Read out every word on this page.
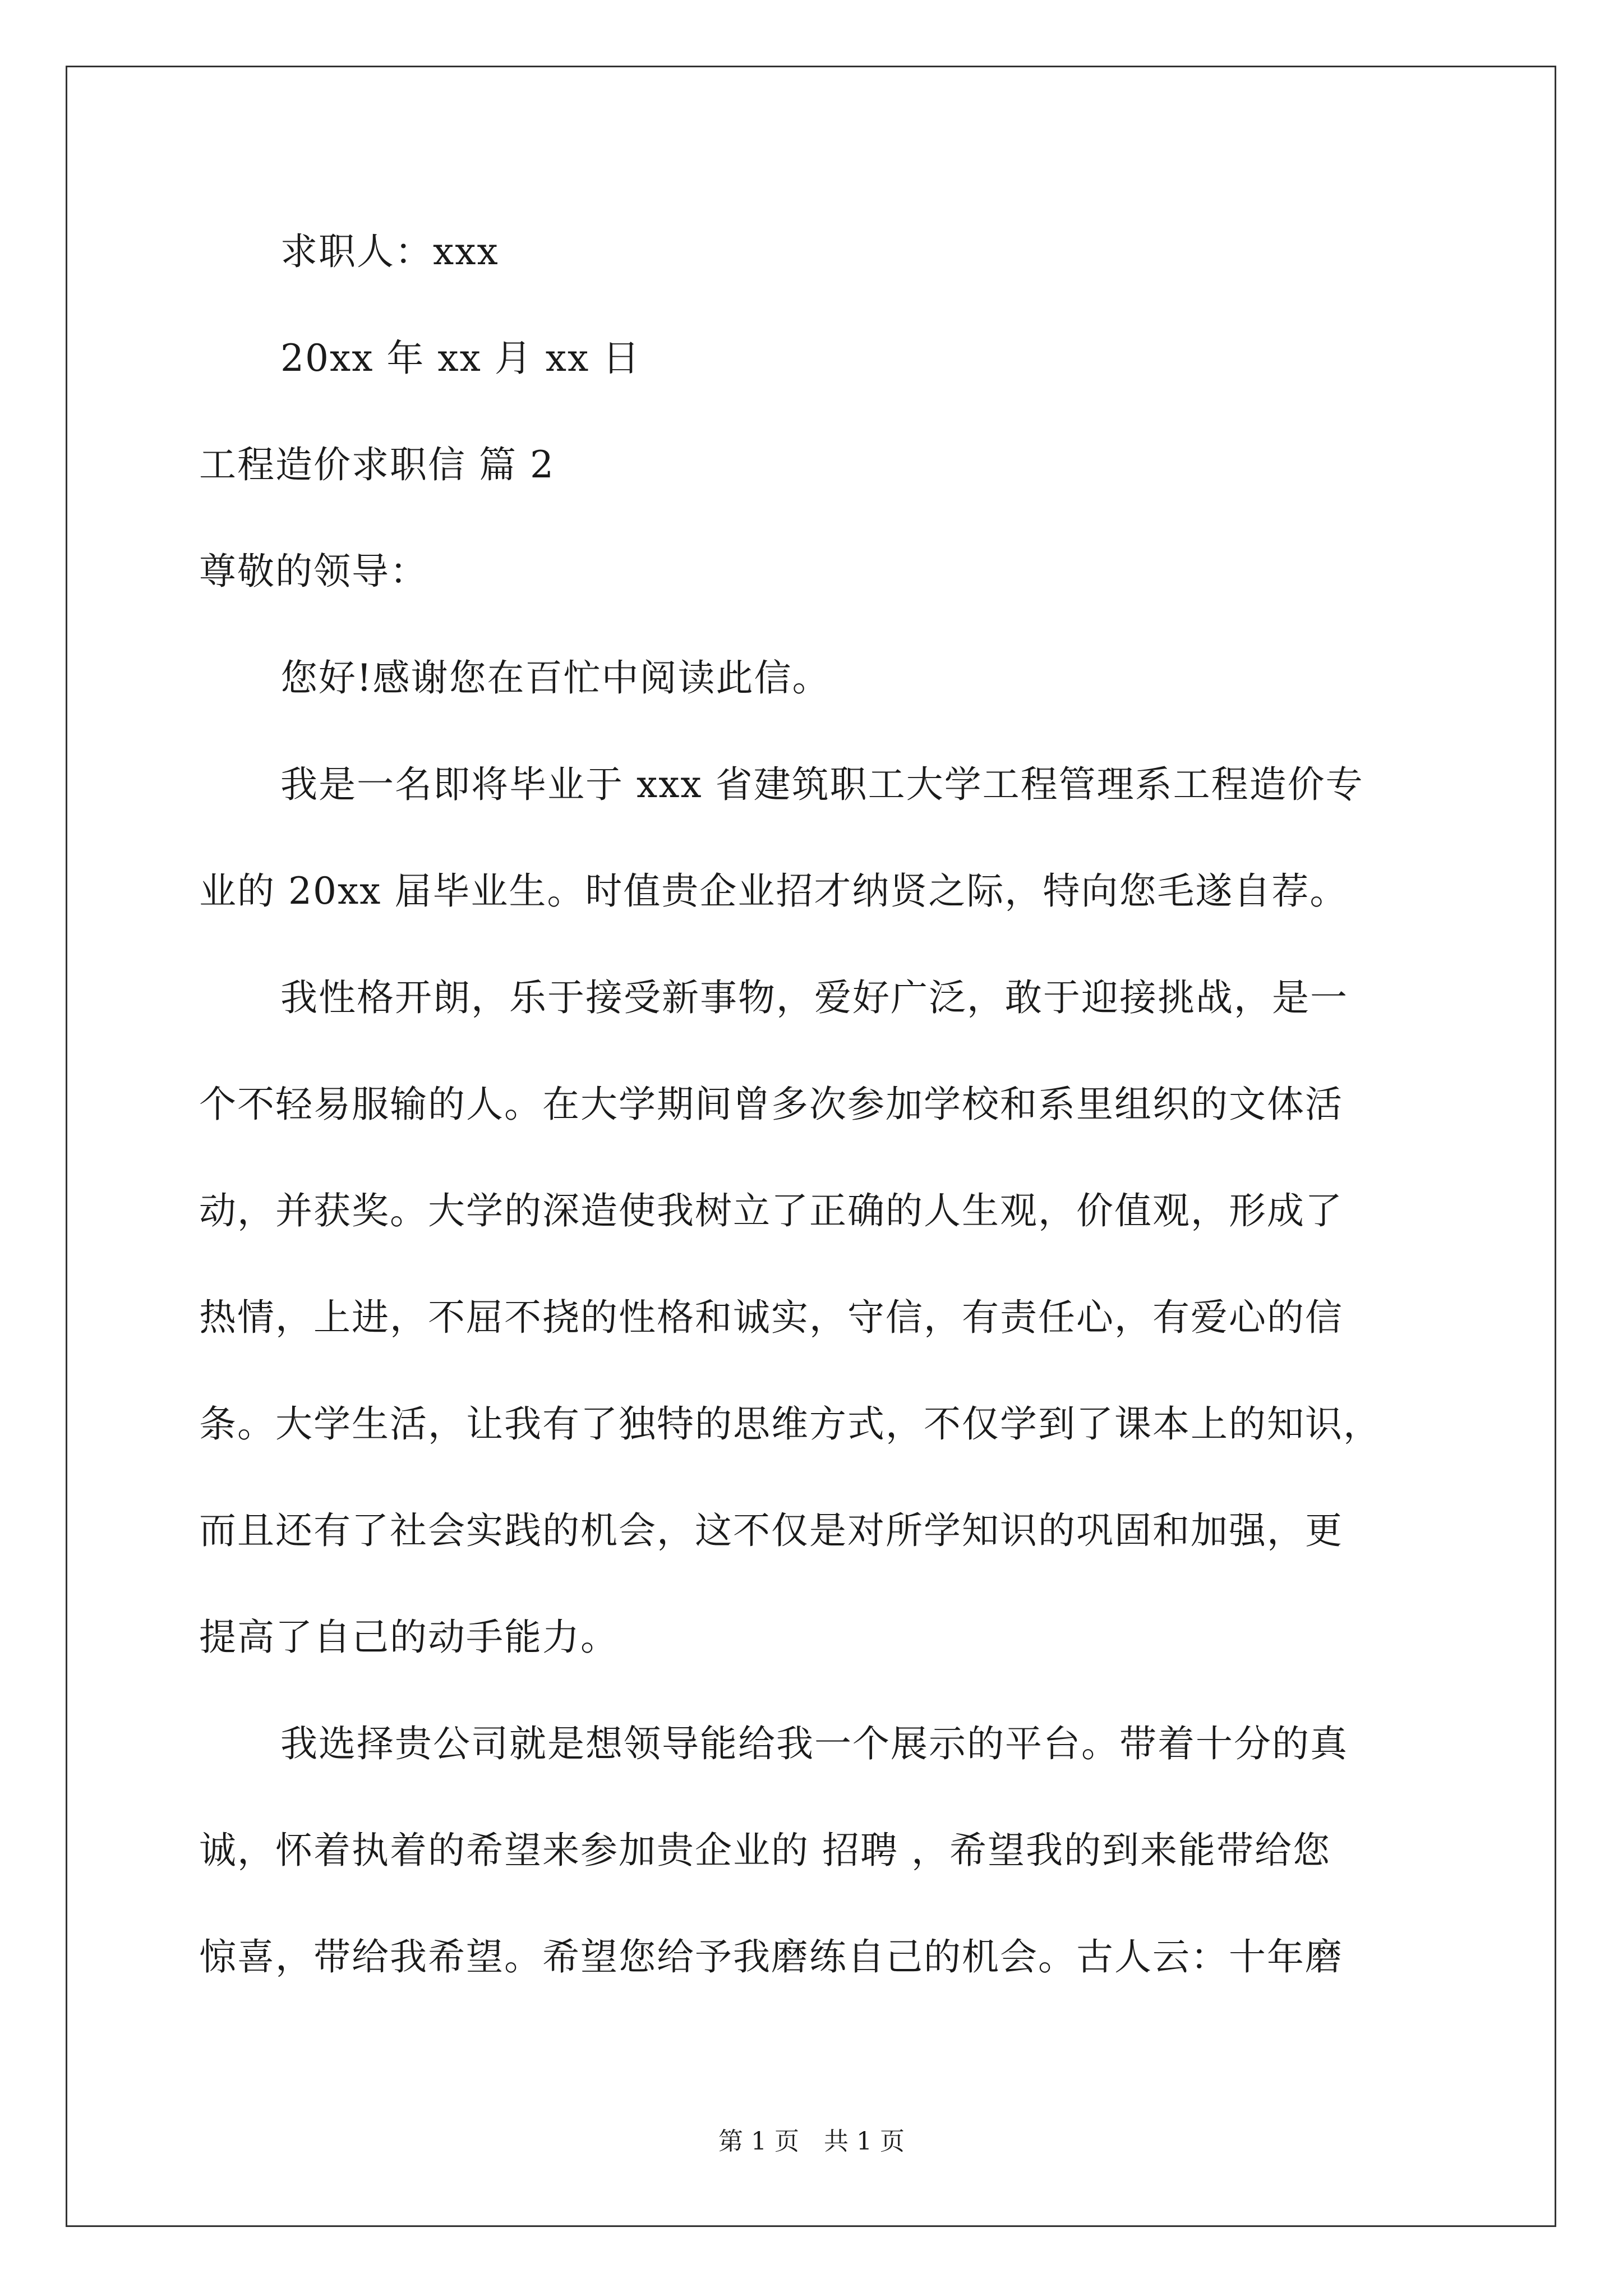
求职人：xxx
20xx 年 xx 月 xx 日
工程造价求职信 篇 2
尊敬的领导：
您好!感谢您在百忙中阅读此信。
我是一名即将毕业于 xxx 省建筑职工大学工程管理系工程造价专
业的 20xx 届毕业生。时值贵企业招才纳贤之际，特向您毛遂自荐。
我性格开朗，乐于接受新事物，爱好广泛，敢于迎接挑战，是一
个不轻易服输的人。在大学期间曾多次参加学校和系里组织的文体活
动，并获奖。大学的深造使我树立了正确的人生观，价值观，形成了
热情，上进，不屈不挠的性格和诚实，守信，有责任心，有爱心的信
条。大学生活，让我有了独特的思维方式，不仅学到了课本上的知识，
而且还有了社会实践的机会，这不仅是对所学知识的巩固和加强，更
提高了自己的动手能力。
我选择贵公司就是想领导能给我一个展示的平台。带着十分的真
诚，怀着执着的希望来参加贵企业的 招聘 ，希望我的到来能带给您
惊喜，带给我希望。希望您给予我磨练自己的机会。古人云：十年磨
第 1 页　共 1 页
